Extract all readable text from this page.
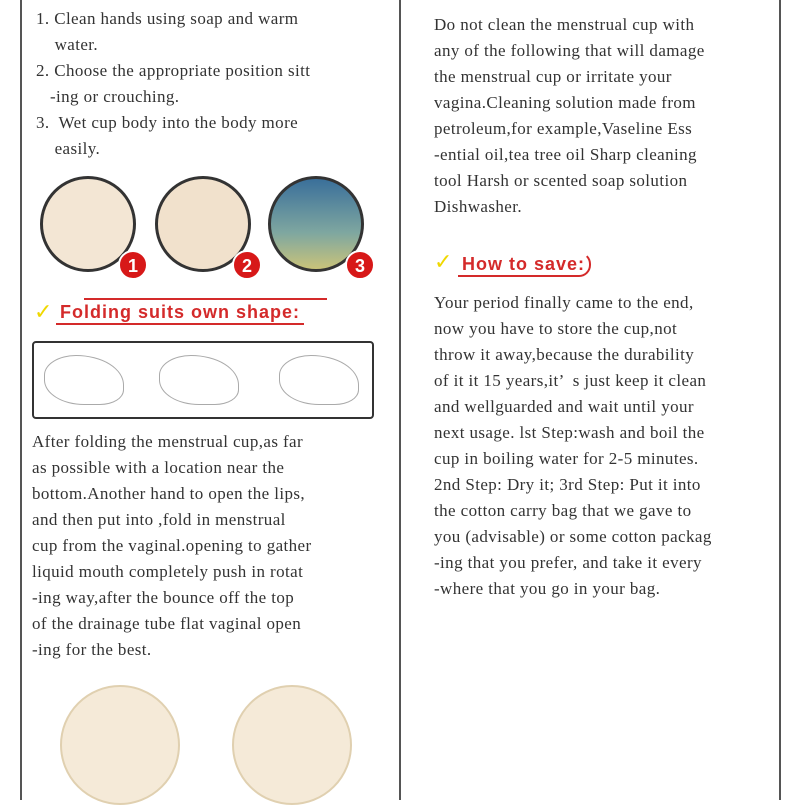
1. Clean hands using soap and warm
water.
2. Choose the appropriate position sitt
-ing or crouching.
3.  Wet cup body into the body more
easily.
1	2	3
✓ Folding suits own shape:
After folding the menstrual cup,as far
as possible with a location near the
bottom.Another hand to open the lips,
and then put into ,fold in menstrual
cup from the vaginal.opening to gather
liquid mouth completely push in rotat
-ing way,after the bounce off the top
of the drainage tube flat vaginal open
-ing for the best.
Do not clean the menstrual cup with
any of the following that will damage
the menstrual cup or irritate your
vagina.Cleaning solution made from
petroleum,for example,Vaseline Ess
-ential oil,tea tree oil Sharp cleaning
tool Harsh or scented soap solution
Dishwasher.
✓ How to save:
Your period finally came to the end,
now you have to store the cup,not
throw it away,because the durability
of it it 15 years,it’  s just keep it clean
and wellguarded and wait until your
next usage. lst Step:wash and boil the
cup in boiling water for 2-5 minutes.
2nd Step: Dry it; 3rd Step: Put it into
the cotton carry bag that we gave to
you (advisable) or some cotton packag
-ing that you prefer, and take it every
-where that you go in your bag.
